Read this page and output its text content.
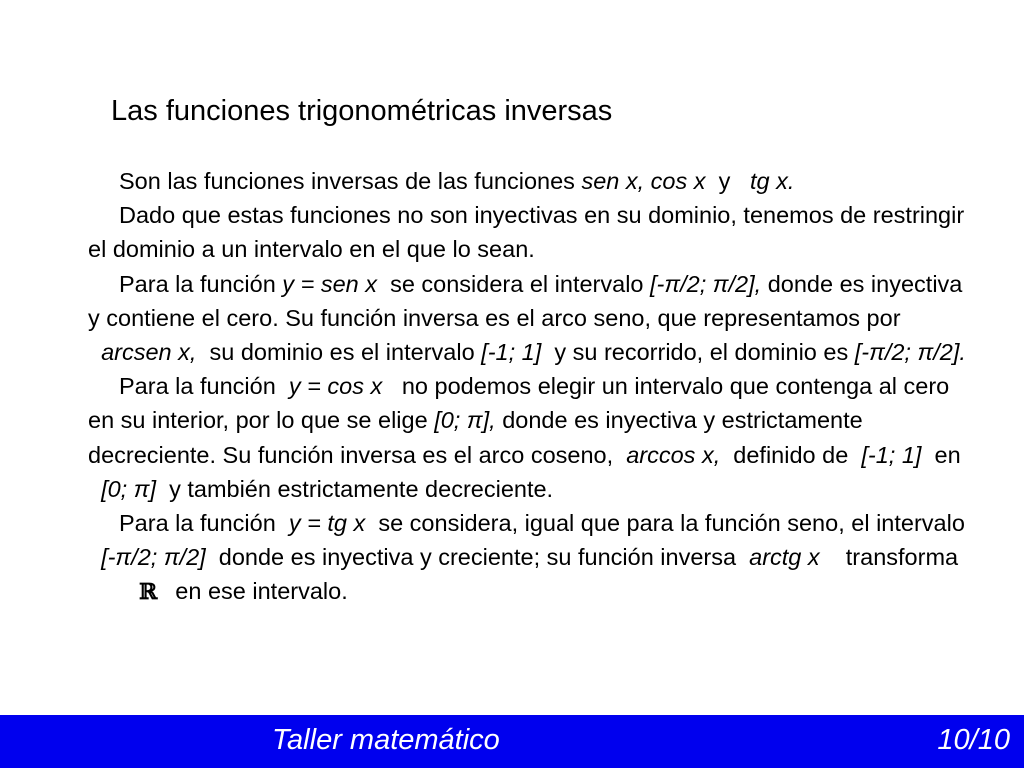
Las funciones trigonométricas inversas

Son las funciones inversas de las funciones sen x, cos x y tg x.

Dado que estas funciones no son inyectivas en su dominio, tenemos de restringir el dominio a un intervalo en el que lo sean.

Para la función y = sen x se considera el intervalo [-π/2; π/2], donde es inyectiva y contiene el cero. Su función inversa es el arco seno, que representamos por  arcsen x, su dominio es el intervalo [-1; 1] y su recorrido, el dominio es [-π/2; π/2].

Para la función y = cos x no podemos elegir un intervalo que contenga al cero en su interior, por lo que se elige [0; π], donde es inyectiva y estrictamente decreciente. Su función inversa es el arco coseno, arccos x, definido de [-1; 1] en  [0; π] y también estrictamente decreciente.

Para la función y = tg x se considera, igual que para la función seno, el intervalo  [-π/2; π/2] donde es inyectiva y creciente; su función inversa arctg x transformaℝ en ese intervalo.

Taller matemático	10/10
